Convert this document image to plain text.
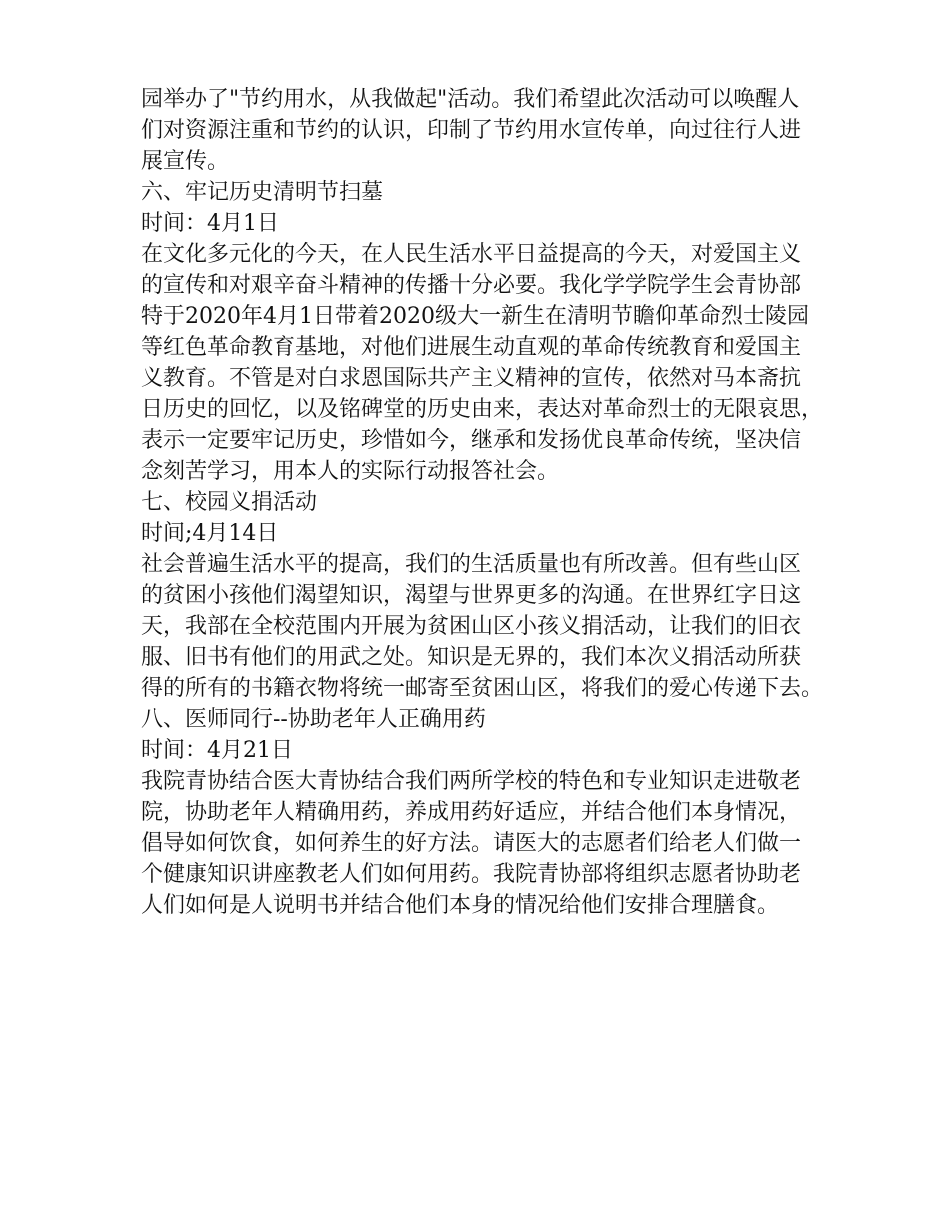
园举办了"节约用水，从我做起"活动。我们希望此次活动可以唤醒人
们对资源注重和节约的认识，印制了节约用水宣传单，向过往行人进
展宣传。
六、牢记历史清明节扫墓
时间：4月1日
在文化多元化的今天，在人民生活水平日益提高的今天，对爱国主义
的宣传和对艰辛奋斗精神的传播十分必要。我化学学院学生会青协部
特于2020年4月1日带着2020级大一新生在清明节瞻仰革命烈士陵园
等红色革命教育基地，对他们进展生动直观的革命传统教育和爱国主
义教育。不管是对白求恩国际共产主义精神的宣传，依然对马本斋抗
日历史的回忆，以及铭碑堂的历史由来，表达对革命烈士的无限哀思，
表示一定要牢记历史，珍惜如今，继承和发扬优良革命传统，坚决信
念刻苦学习，用本人的实际行动报答社会。
七、校园义捐活动
时间;4月14日
社会普遍生活水平的提高，我们的生活质量也有所改善。但有些山区
的贫困小孩他们渴望知识，渴望与世界更多的沟通。在世界红字日这
天，我部在全校范围内开展为贫困山区小孩义捐活动，让我们的旧衣
服、旧书有他们的用武之处。知识是无界的，我们本次义捐活动所获
得的所有的书籍衣物将统一邮寄至贫困山区，将我们的爱心传递下去。
八、医师同行--协助老年人正确用药
时间：4月21日
我院青协结合医大青协结合我们两所学校的特色和专业知识走进敬老
院，协助老年人精确用药，养成用药好适应，并结合他们本身情况，
倡导如何饮食，如何养生的好方法。请医大的志愿者们给老人们做一
个健康知识讲座教老人们如何用药。我院青协部将组织志愿者协助老
人们如何是人说明书并结合他们本身的情况给他们安排合理膳食。
